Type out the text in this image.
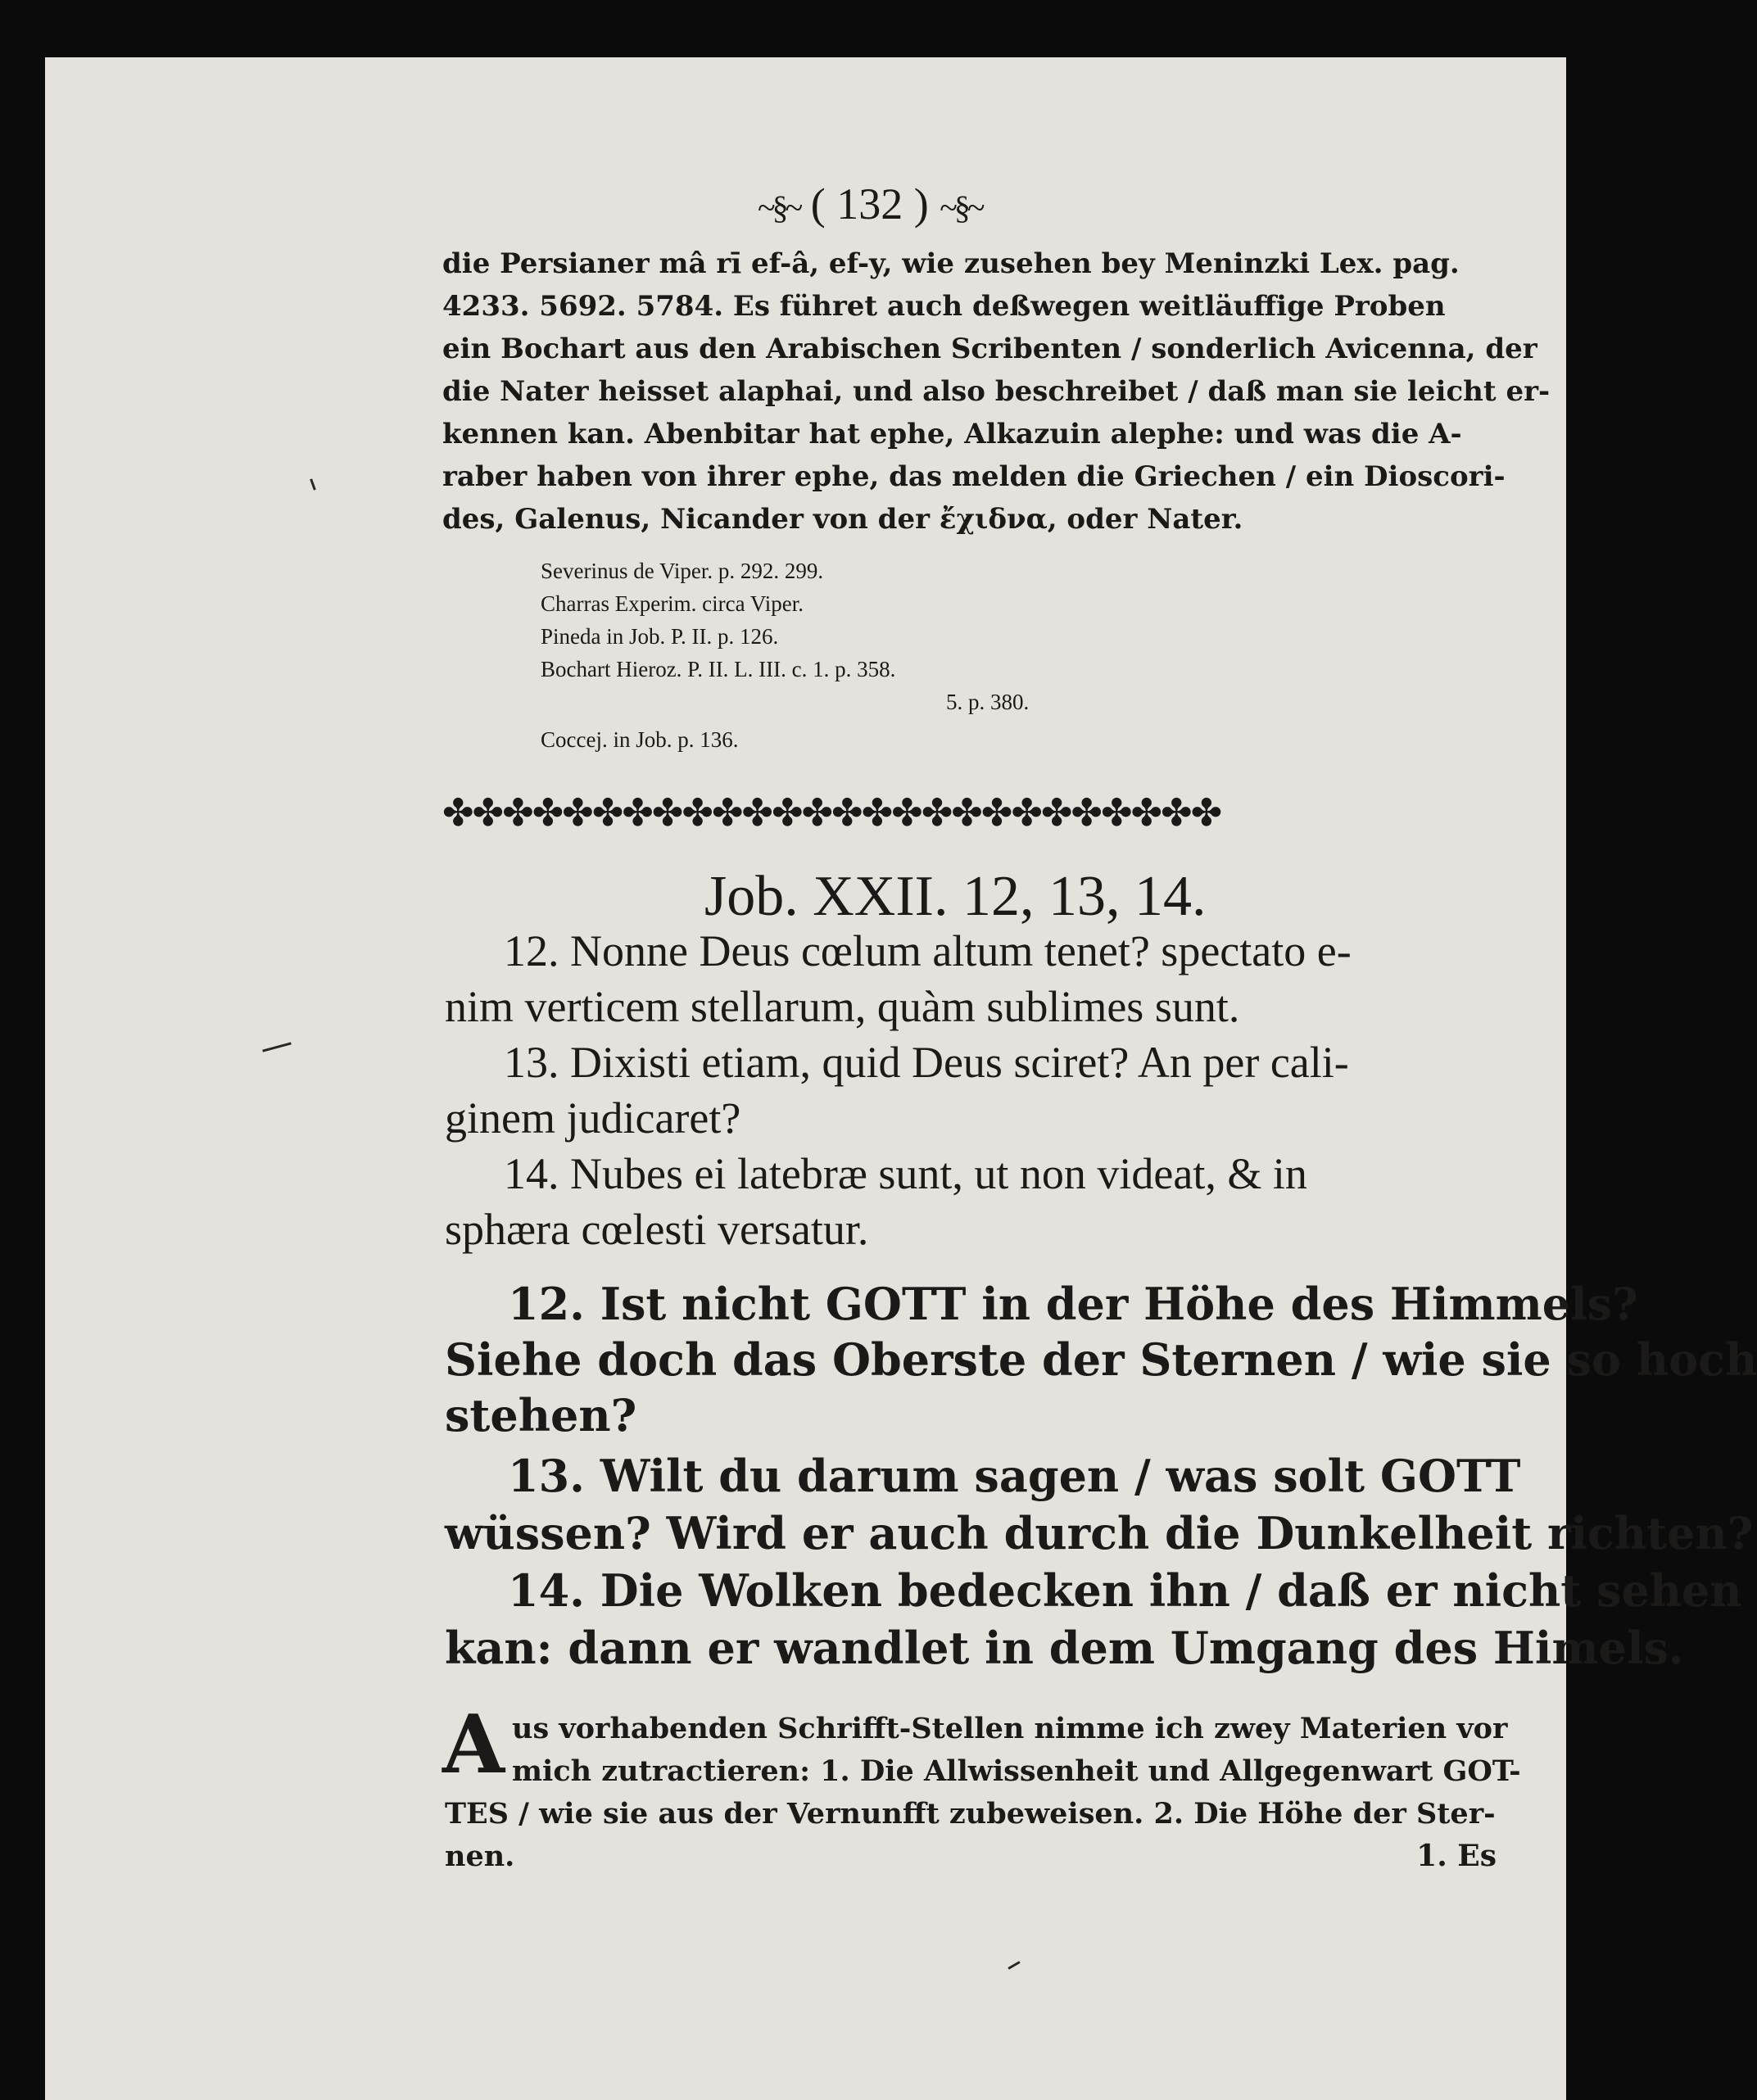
~§~ ( 132 ) ~§~
die Persianer mâ rī ef-â, ef-y, wie zusehen bey Meninzki Lex. pag.
4233. 5692. 5784. Es führet auch deßwegen weitläuffige Proben
ein Bochart aus den Arabischen Scribenten / sonderlich Avicenna, der
die Nater heisset alaphai, und also beschreibet / daß man sie leicht er-
kennen kan. Abenbitar hat ephe, Alkazuin alephe: und was die A-
raber haben von ihrer ephe, das melden die Griechen / ein Dioscori-
des, Galenus, Nicander von der ἔχιδνα, oder Nater.
Severinus de Viper. p. 292. 299.
Charras Experim. circa Viper.
Pineda in Job. P. II. p. 126.
Bochart Hieroz. P. II. L. III. c. 1. p. 358.
5. p. 380.
Coccej. in Job. p. 136.
✤✤✤✤✤✤✤✤✤✤✤✤✤✤✤✤✤✤✤✤✤✤✤✤✤✤
Job. XXII. 12, 13, 14.
12. Nonne Deus cœlum altum tenet? spectato e-
nim verticem stellarum, quàm sublimes sunt.
13. Dixisti etiam, quid Deus sciret? An per cali-
ginem judicaret?
14. Nubes ei latebræ sunt, ut non videat, & in
sphæra cœlesti versatur.
12. Ist nicht GOTT in der Höhe des Himmels?
Siehe doch das Oberste der Sternen / wie sie so hoch
stehen?
13. Wilt du darum sagen / was solt GOTT
wüssen? Wird er auch durch die Dunkelheit richten?
14. Die Wolken bedecken ihn / daß er nicht sehen
kan: dann er wandlet in dem Umgang des Himels.
A us vorhabenden Schrifft-Stellen nimme ich zwey Materien vor
mich zutractieren: 1. Die Allwissenheit und Allgegenwart GOT-
TES / wie sie aus der Vernunfft zubeweisen. 2. Die Höhe der Ster-
nen.	1. Es
